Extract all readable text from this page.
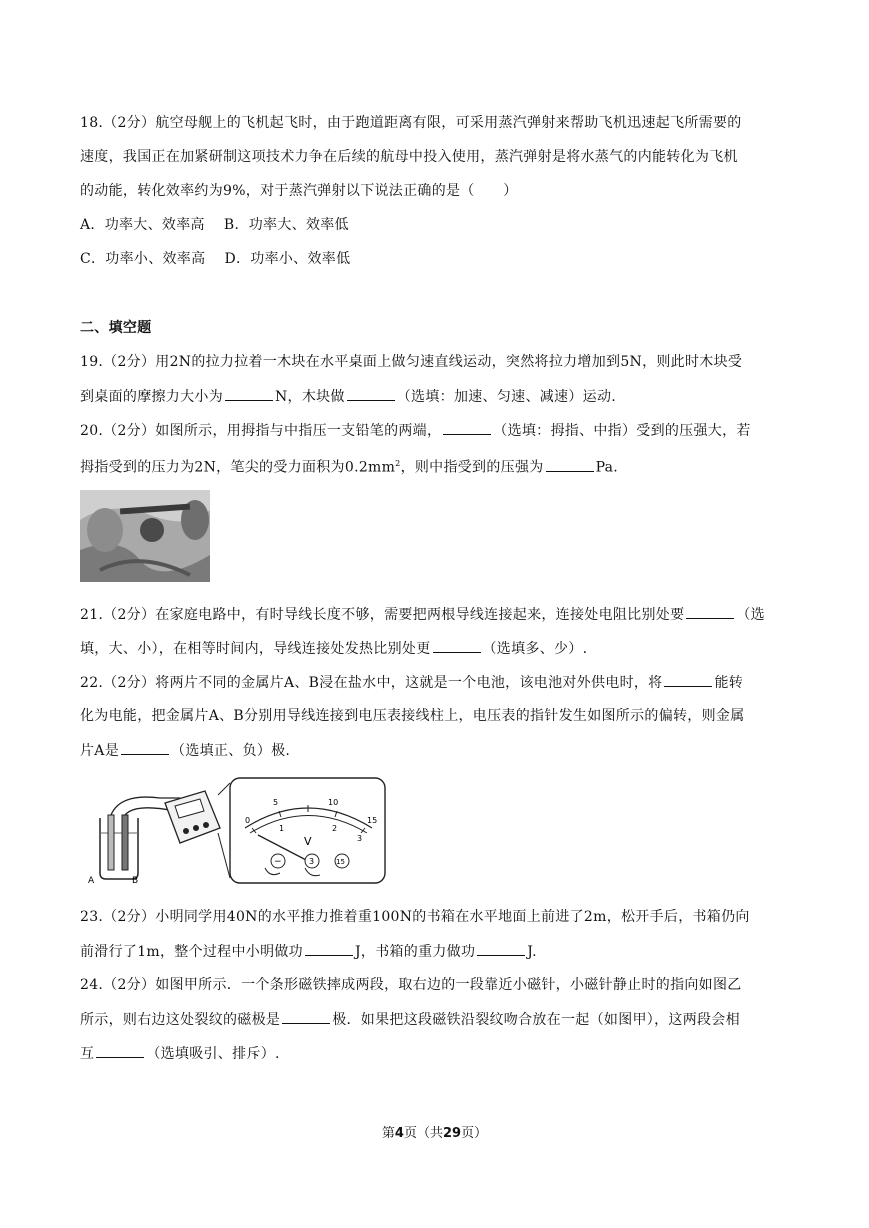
18.（2分）航空母舰上的飞机起飞时，由于跑道距离有限，可采用蒸汽弹射来帮助飞机迅速起飞所需要的
速度，我国正在加紧研制这项技术力争在后续的航母中投入使用，蒸汽弹射是将水蒸气的内能转化为飞机
的动能，转化效率约为9%，对于蒸汽弹射以下说法正确的是（　　）
A．功率大、效率高　 B．功率大、效率低
C．功率小、效率高　 D．功率小、效率低
二、填空题
19.（2分）用2N的拉力拉着一木块在水平桌面上做匀速直线运动，突然将拉力增加到5N，则此时木块受
到桌面的摩擦力大小为	N，木块做	（选填：加速、匀速、减速）运动.
20.（2分）如图所示，用拇指与中指压一支铅笔的两端，	（选填：拇指、中指）受到的压强大，若
拇指受到的压力为2N，笔尖的受力面积为$0.2mm^2$，则中指受到的压强为	Pa.
21.（2分）在家庭电路中，有时导线长度不够，需要把两根导线连接起来，连接处电阻比别处要	（选
填，大、小），在相等时间内，导线连接处发热比别处更	（选填多、少）.
22.（2分）将两片不同的金属片A、B浸在盐水中，这就是一个电池，该电池对外供电时，将	能转
化为电能，把金属片A、B分别用导线连接到电压表接线柱上，电压表的指针发生如图所示的偏转，则金属
片A是	（选填正、负）极.
A	B
0
5	10
15
1	2
3
V
−	3	15
23.（2分）小明同学用40N的水平推力推着重100N的书箱在水平地面上前进了2m，松开手后，书箱仍向
前滑行了1m，整个过程中小明做功	J，书箱的重力做功	J.
24.（2分）如图甲所示．一个条形磁铁摔成两段，取右边的一段靠近小磁针，小磁针静止时的指向如图乙
所示，则右边这处裂纹的磁极是	极．如果把这段磁铁沿裂纹吻合放在一起（如图甲），这两段会相
互	（选填吸引、排斥）.
第4页（共29页）
